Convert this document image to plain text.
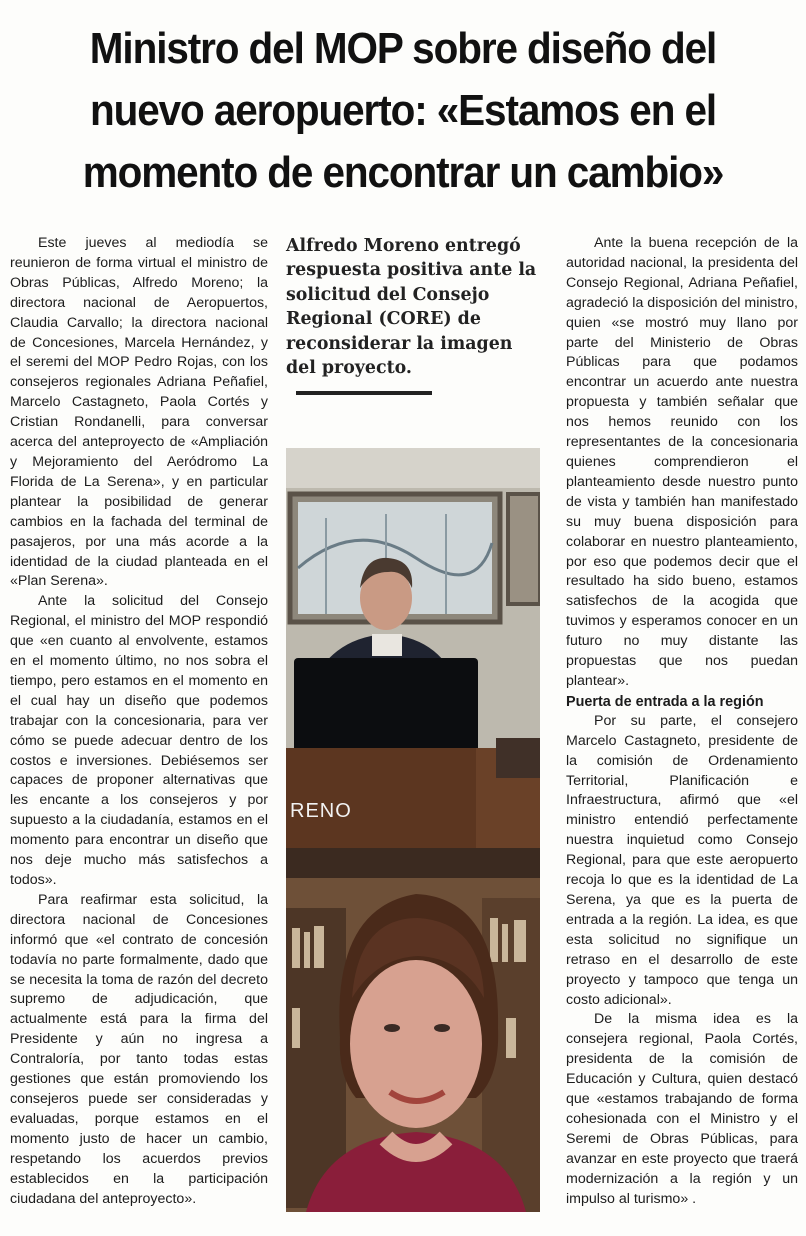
Ministro del MOP sobre diseño del
nuevo aeropuerto: «Estamos en el
momento de encontrar un cambio»

Este jueves al mediodía se reunieron de forma virtual el ministro de Obras Públicas, Alfredo Moreno; la directora nacional de Aeropuertos, Claudia Carvallo; la directora nacional de Concesiones, Marcela Hernández, y el seremi del MOP Pedro Rojas, con los consejeros regionales Adriana Peñafiel, Marcelo Castagneto, Paola Cortés y Cristian Rondanelli, para conversar acerca del anteproyecto de «Ampliación y Mejoramiento del Aeródromo La Florida de La Serena», y en particular plantear la posibilidad de generar cambios en la fachada del terminal de pasajeros, por una más acorde a la identidad de la ciudad planteada en el «Plan Serena».

Ante la solicitud del Consejo Regional, el ministro del MOP respondió que «en cuanto al envolvente, estamos en el momento último, no nos sobra el tiempo, pero estamos en el momento en el cual hay un diseño que podemos trabajar con la concesionaria, para ver cómo se puede adecuar dentro de los costos e inversiones. Debiésemos ser capaces de proponer alternativas que les encante a los consejeros y por supuesto a la ciudadanía, estamos en el momento para encontrar un diseño que nos deje mucho más satisfechos a todos».

Para reafirmar esta solicitud, la directora nacional de Concesiones informó que «el contrato de concesión todavía no parte formalmente, dado que se necesita la toma de razón del decreto supremo de adjudicación, que actualmente está para la firma del Presidente y aún no ingresa a Contraloría, por tanto todas estas gestiones que están promoviendo los consejeros puede ser consideradas y evaluadas, porque estamos en el momento justo de hacer un cambio, respetando los acuerdos previos establecidos en la participación ciudadana del anteproyecto».

Alfredo Moreno entregó respuesta positiva ante la solicitud del Consejo Regional (CORE) de reconsiderar la imagen del proyecto.
RENO

Ante la buena recepción de la autoridad nacional, la presidenta del Consejo Regional, Adriana Peñafiel, agradeció la disposición del ministro, quien «se mostró muy llano por parte del Ministerio de Obras Públicas para que podamos encontrar un acuerdo ante nuestra propuesta y también señalar que nos hemos reunido con los representantes de la concesionaria quienes comprendieron el planteamiento desde nuestro punto de vista y también han manifestado su muy buena disposición para colaborar en nuestro planteamiento, por eso que podemos decir que el resultado ha sido bueno, estamos satisfechos de la acogida que tuvimos y esperamos conocer en un futuro no muy distante las propuestas que nos puedan plantear».

Puerta de entrada a la región

Por su parte, el consejero Marcelo Castagneto, presidente de la comisión de Ordenamiento Territorial, Planificación e Infraestructura, afirmó que «el ministro entendió perfectamente nuestra inquietud como Consejo Regional, para que este aeropuerto recoja lo que es la identidad de La Serena, ya que es la puerta de entrada a la región. La idea, es que esta solicitud no signifique un retraso en el desarrollo de este proyecto y tampoco que tenga un costo adicional».

De la misma idea es la consejera regional, Paola Cortés, presidenta de la comisión de Educación y Cultura, quien destacó que «estamos trabajando de forma cohesionada con el Ministro y el Seremi de Obras Públicas, para avanzar en este proyecto que traerá modernización a la región y un impulso al turismo» .
